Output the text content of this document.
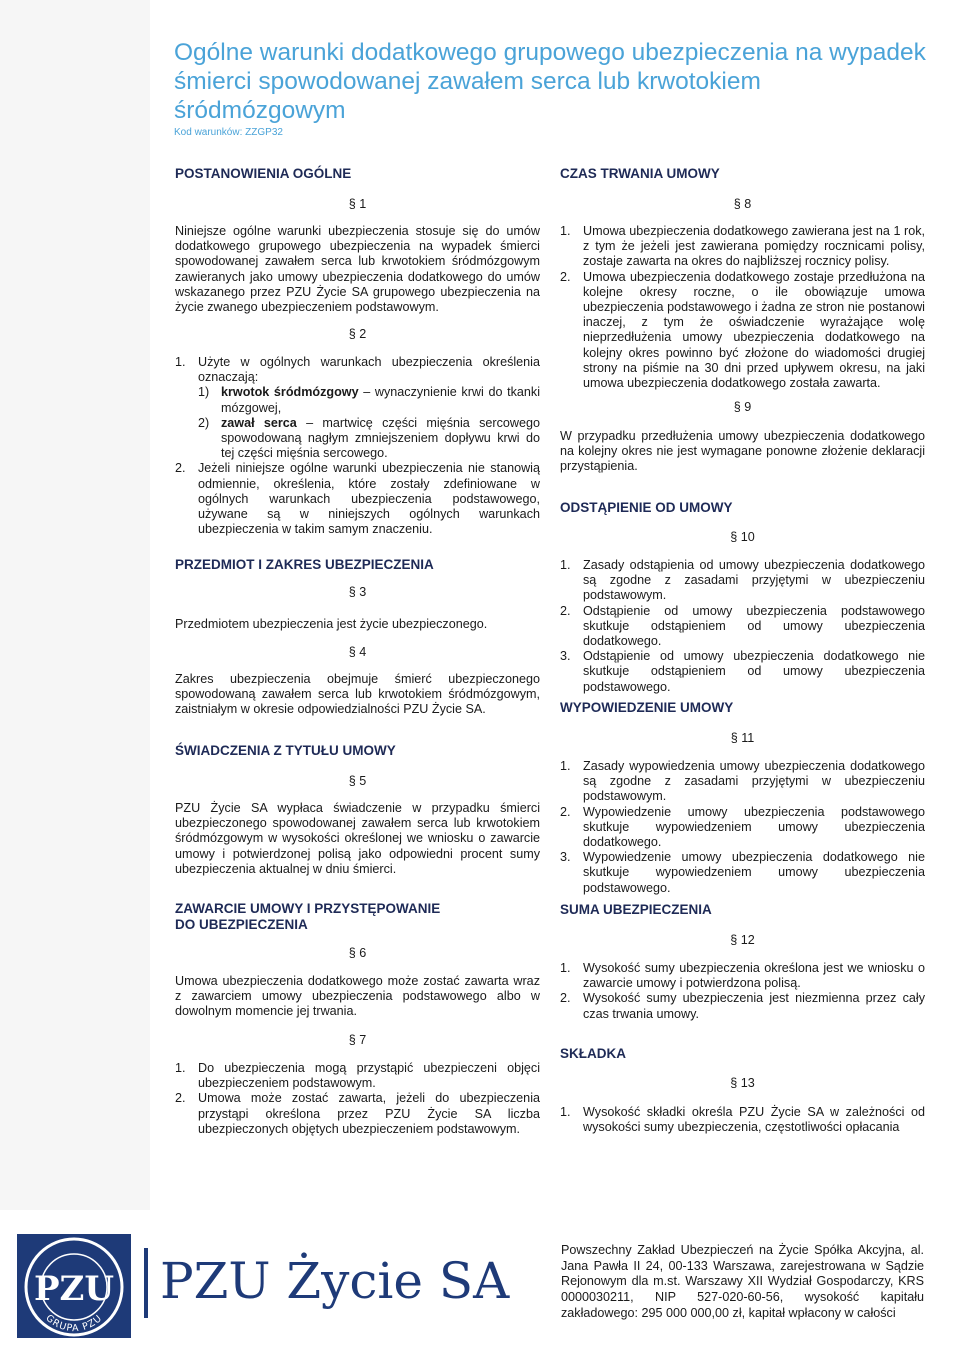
Ogólne warunki dodatkowego grupowego ubezpieczenia na wypadek
śmierci spowodowanej zawałem serca lub krwotokiem śródmózgowym
Kod warunków: ZZGP32
POSTANOWIENIA OGÓLNE
§ 1

Niniejsze ogólne warunki ubezpieczenia stosuje się do umów dodatkowego grupowego ubezpieczenia na wypadek śmierci spowodowanej zawałem serca lub krwotokiem śródmózgowym zawieranych jako umowy ubezpieczenia dodatkowego do umów wskazanego przez PZU Życie SA grupowego ubezpieczenia na życie zwanego ubezpieczeniem podstawowym.

§ 2
1. Użyte w ogólnych warunkach ubezpieczenia określenia oznaczają:
1) krwotok śródmózgowy – wynaczynienie krwi do tkanki mózgowej,
2) zawał serca – martwicę części mięśnia sercowego spowodowaną nagłym zmniejszeniem dopływu krwi do tej części mięśnia sercowego.
2. Jeżeli niniejsze ogólne warunki ubezpieczenia nie stanowią odmiennie, określenia, które zostały zdefiniowane w ogólnych warunkach ubezpieczenia podstawowego, używane są w niniejszych ogólnych warunkach ubezpieczenia w takim samym znaczeniu.
PRZEDMIOT I ZAKRES UBEZPIECZENIA
§ 3

Przedmiotem ubezpieczenia jest życie ubezpieczonego.

§ 4

Zakres ubezpieczenia obejmuje śmierć ubezpieczonego spowodowaną zawałem serca lub krwotokiem śródmózgowym, zaistniałym w okresie odpowiedzialności PZU Życie SA.

ŚWIADCZENIA Z TYTUŁU UMOWY
§ 5

PZU Życie SA wypłaca świadczenie w przypadku śmierci ubezpieczonego spowodowanej zawałem serca lub krwotokiem śródmózgowym w wysokości określonej we wniosku o zawarcie umowy i potwierdzonej polisą jako odpowiedni procent sumy ubezpieczenia aktualnej w dniu śmierci.

ZAWARCIE UMOWY I PRZYSTĘPOWANIE
DO UBEZPIECZENIA
§ 6

Umowa ubezpieczenia dodatkowego może zostać zawarta wraz z zawarciem umowy ubezpieczenia podstawowego albo w dowolnym momencie jej trwania.

§ 7
1. Do ubezpieczenia mogą przystąpić ubezpieczeni objęci ubezpieczeniem podstawowym.
2. Umowa może zostać zawarta, jeżeli do ubezpieczenia przystąpi określona przez PZU Życie SA liczba ubezpieczonych objętych ubezpieczeniem podstawowym.
CZAS TRWANIA UMOWY
§ 8
1. Umowa ubezpieczenia dodatkowego zawierana jest na 1 rok, z tym że jeżeli jest zawierana pomiędzy rocznicami polisy, zostaje zawarta na okres do najbliższej rocznicy polisy.
2. Umowa ubezpieczenia dodatkowego zostaje przedłużona na kolejne okresy roczne, o ile obowiązuje umowa ubezpieczenia podstawowego i żadna ze stron nie postanowi inaczej, z tym że oświadczenie wyrażające wolę nieprzedłużenia umowy ubezpieczenia dodatkowego na kolejny okres powinno być złożone do wiadomości drugiej strony na piśmie na 30 dni przed upływem okresu, na jaki umowa ubezpieczenia dodatkowego została zawarta.
§ 9

W przypadku przedłużenia umowy ubezpieczenia dodatkowego na kolejny okres nie jest wymagane ponowne złożenie deklaracji przystąpienia.

ODSTĄPIENIE OD UMOWY
§ 10
1. Zasady odstąpienia od umowy ubezpieczenia dodatkowego są zgodne z zasadami przyjętymi w ubezpieczeniu podstawowym.
2. Odstąpienie od umowy ubezpieczenia podstawowego skutkuje odstąpieniem od umowy ubezpieczenia dodatkowego.
3. Odstąpienie od umowy ubezpieczenia dodatkowego nie skutkuje odstąpieniem od umowy ubezpieczenia podstawowego.
WYPOWIEDZENIE UMOWY
§ 11
1. Zasady wypowiedzenia umowy ubezpieczenia dodatkowego są zgodne z zasadami przyjętymi w ubezpieczeniu podstawowym.
2. Wypowiedzenie umowy ubezpieczenia podstawowego skutkuje wypowiedzeniem umowy ubezpieczenia dodatkowego.
3. Wypowiedzenie umowy ubezpieczenia dodatkowego nie skutkuje wypowiedzeniem umowy ubezpieczenia podstawowego.
SUMA UBEZPIECZENIA
§ 12
1. Wysokość sumy ubezpieczenia określona jest we wniosku o zawarcie umowy i potwierdzona polisą.
2. Wysokość sumy ubezpieczenia jest niezmienna przez cały czas trwania umowy.
SKŁADKA
§ 13
1. Wysokość składki określa PZU Życie SA w zależności od wysokości sumy ubezpieczenia, częstotliwości opłacania
PZU
GRUPA PZU
PZU Życie SA
Powszechny Zakład Ubezpieczeń na Życie Spółka Akcyjna, al. Jana Pawła II 24, 00-133 Warszawa, zarejestrowana w Sądzie Rejonowym dla m.st. Warszawy XII Wydział Gospodarczy, KRS 0000030211, NIP 527-020-60-56, wysokość kapitału zakładowego: 295 000 000,00 zł, kapitał wpłacony w całości
